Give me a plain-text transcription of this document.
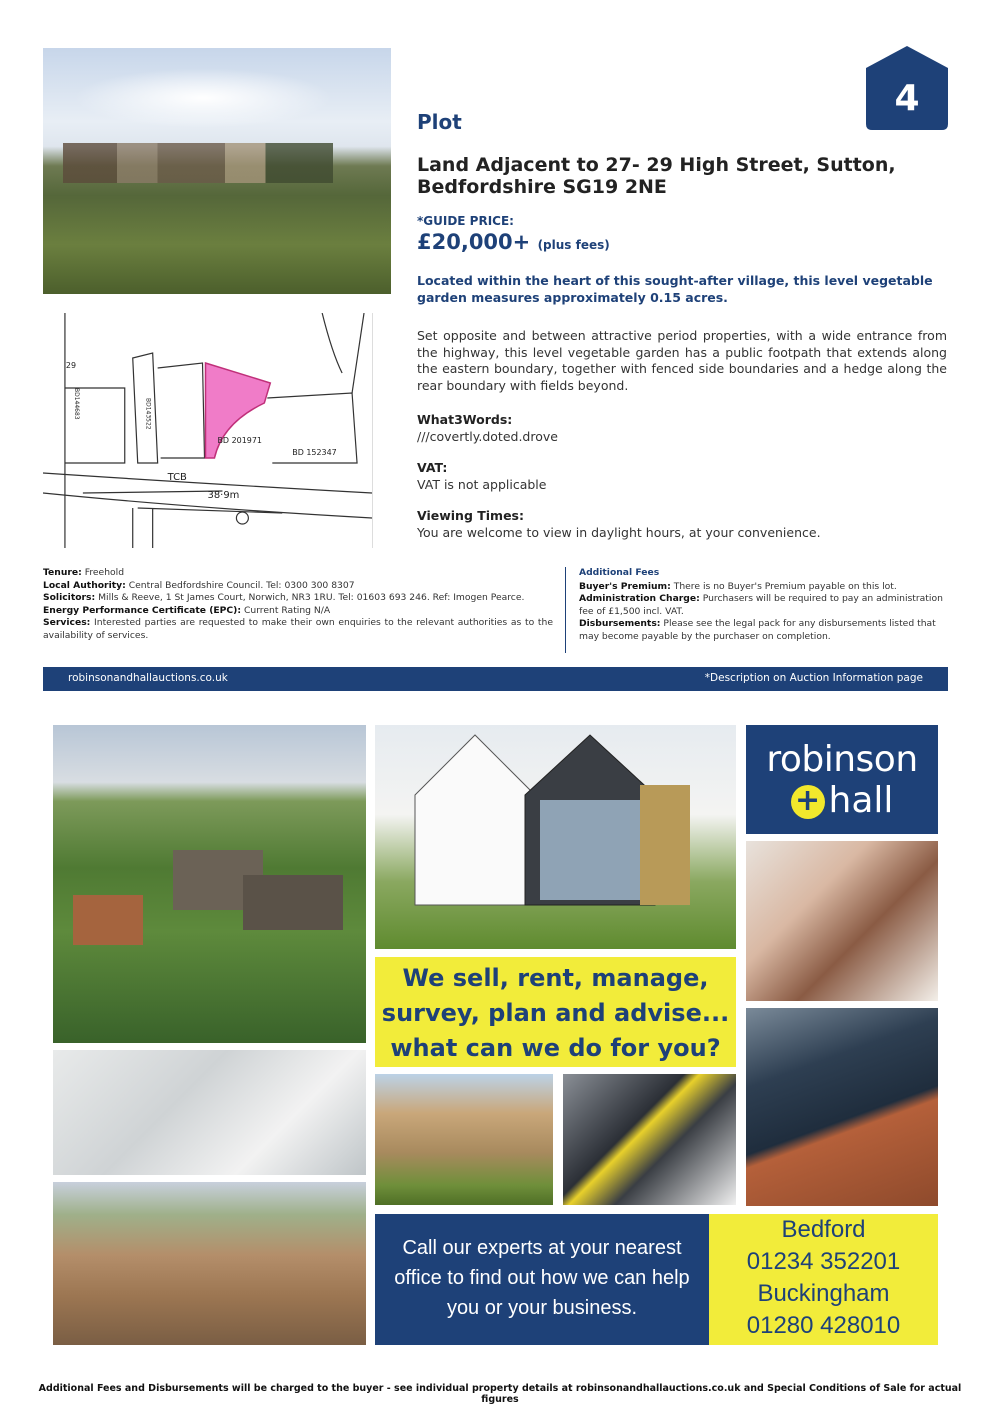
29
BD 201971
BD 152347
TCB
38·9m
BD143522
BD144683
4
Plot
Land Adjacent to 27- 29 High Street, Sutton,
Bedfordshire SG19 2NE
*GUIDE PRICE:
£20,000+ (plus fees)

Located within the heart of this sought-after village, this level vegetable garden measures approximately 0.15 acres.

Set opposite and between attractive period properties, with a wide entrance from the highway, this level vegetable garden has a public footpath that extends along the eastern boundary, together with fenced side boundaries and a hedge along the rear boundary with fields beyond.

What3Words:
///covertly.doted.drove
VAT:
VAT is not applicable
Viewing Times:
You are welcome to view in daylight hours, at your convenience.
Tenure: Freehold
Local Authority: Central Bedfordshire Council. Tel: 0300 300 8307
Solicitors: Mills & Reeve, 1 St James Court, Norwich, NR3 1RU. Tel: 01603 693 246. Ref: Imogen Pearce.
Energy Performance Certificate (EPC): Current Rating N/A
Services: Interested parties are requested to make their own enquiries to the relevant authorities as to the availability of services.
Additional Fees
Buyer's Premium: There is no Buyer's Premium payable on this lot.
Administration Charge: Purchasers will be required to pay an administration fee of £1,500 incl. VAT.
Disbursements: Please see the legal pack for any disbursements listed that may become payable by the purchaser on completion.
robinsonandhallauctions.co.uk	*Description on Auction Information page
We sell, rent, manage,
survey, plan and advise...
what can we do for you?
robinson
+ hall
Call our experts at your nearest
office to find out how we can help
you or your business.
Bedford
01234 352201
Buckingham
01280 428010
Additional Fees and Disbursements will be charged to the buyer - see individual property details at robinsonandhallauctions.co.uk and Special Conditions of Sale for actual figures
